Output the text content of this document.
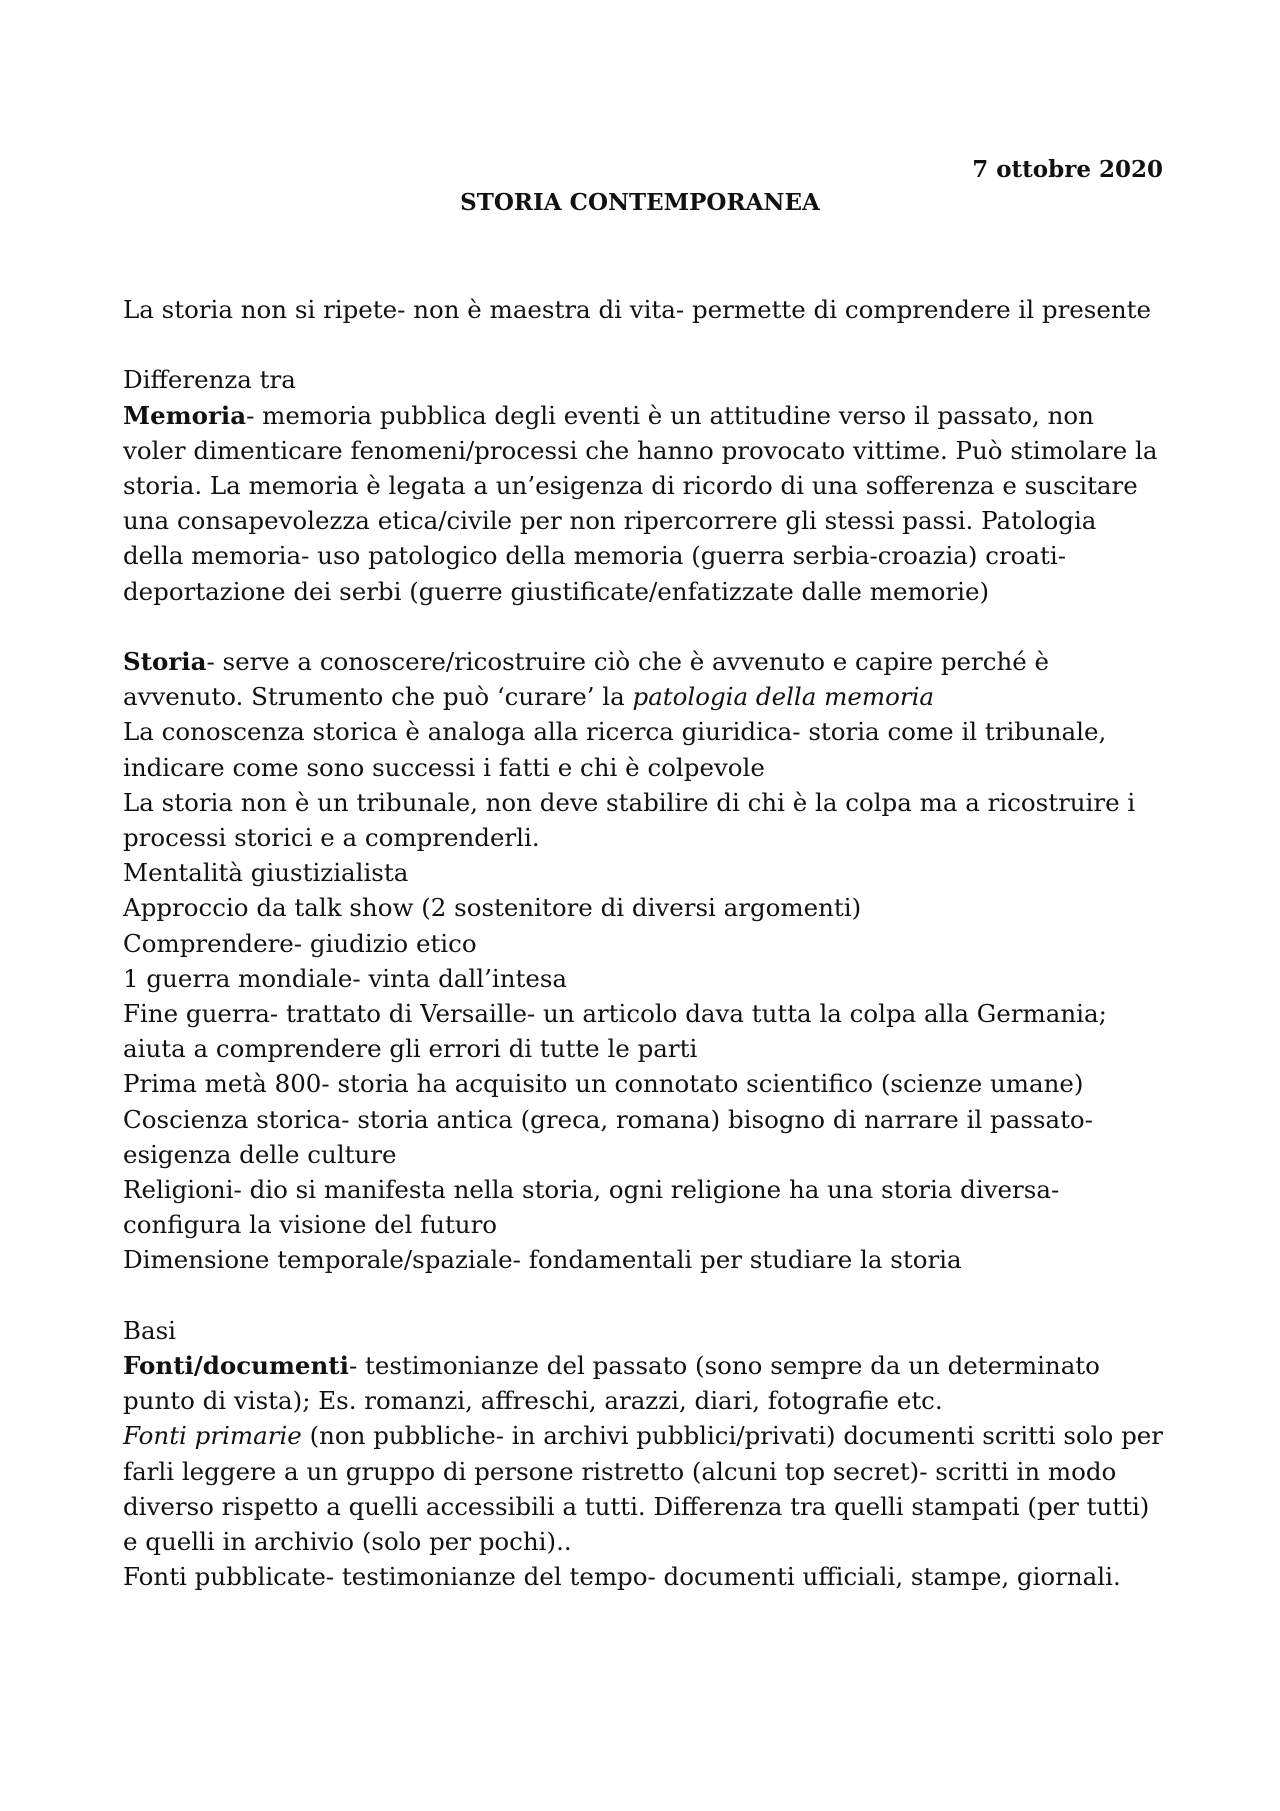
7 ottobre 2020
STORIA CONTEMPORANEA

La storia non si ripete- non è maestra di vita- permette di comprendere il presente

Differenza tra

Memoria- memoria pubblica degli eventi è un attitudine verso il passato, non voler dimenticare fenomeni/processi che hanno provocato vittime. Può stimolare la storia. La memoria è legata a un’esigenza di ricordo di una sofferenza e suscitare una consapevolezza etica/civile per non ripercorrere gli stessi passi. Patologia della memoria- uso patologico della memoria (guerra serbia-croazia) croati- deportazione dei serbi (guerre giustificate/enfatizzate dalle memorie)

Storia- serve a conoscere/ricostruire ciò che è avvenuto e capire perché è avvenuto. Strumento che può ‘curare’ la patologia della memoria

La conoscenza storica è analoga alla ricerca giuridica- storia come il tribunale, indicare come sono successi i fatti e chi è colpevole

La storia non è un tribunale, non deve stabilire di chi è la colpa ma a ricostruire i processi storici e a comprenderli.

Mentalità giustizialista

Approccio da talk show (2 sostenitore di diversi argomenti)

Comprendere- giudizio etico

1 guerra mondiale- vinta dall’intesa

Fine guerra- trattato di Versaille- un articolo dava tutta la colpa alla Germania; aiuta a comprendere gli errori di tutte le parti

Prima metà 800- storia ha acquisito un connotato scientifico (scienze umane)

Coscienza storica- storia antica (greca, romana) bisogno di narrare il passato- esigenza delle culture

Religioni- dio si manifesta nella storia, ogni religione ha una storia diversa- configura la visione del futuro

Dimensione temporale/spaziale- fondamentali per studiare la storia

Basi

Fonti/documenti- testimonianze del passato (sono sempre da un determinato punto di vista); Es. romanzi, affreschi, arazzi, diari, fotografie etc.

Fonti primarie (non pubbliche- in archivi pubblici/privati) documenti scritti solo per farli leggere a un gruppo di persone ristretto (alcuni top secret)- scritti in modo diverso rispetto a quelli accessibili a tutti. Differenza tra quelli stampati (per tutti) e quelli in archivio (solo per pochi)..

Fonti pubblicate- testimonianze del tempo- documenti ufficiali, stampe, giornali.
